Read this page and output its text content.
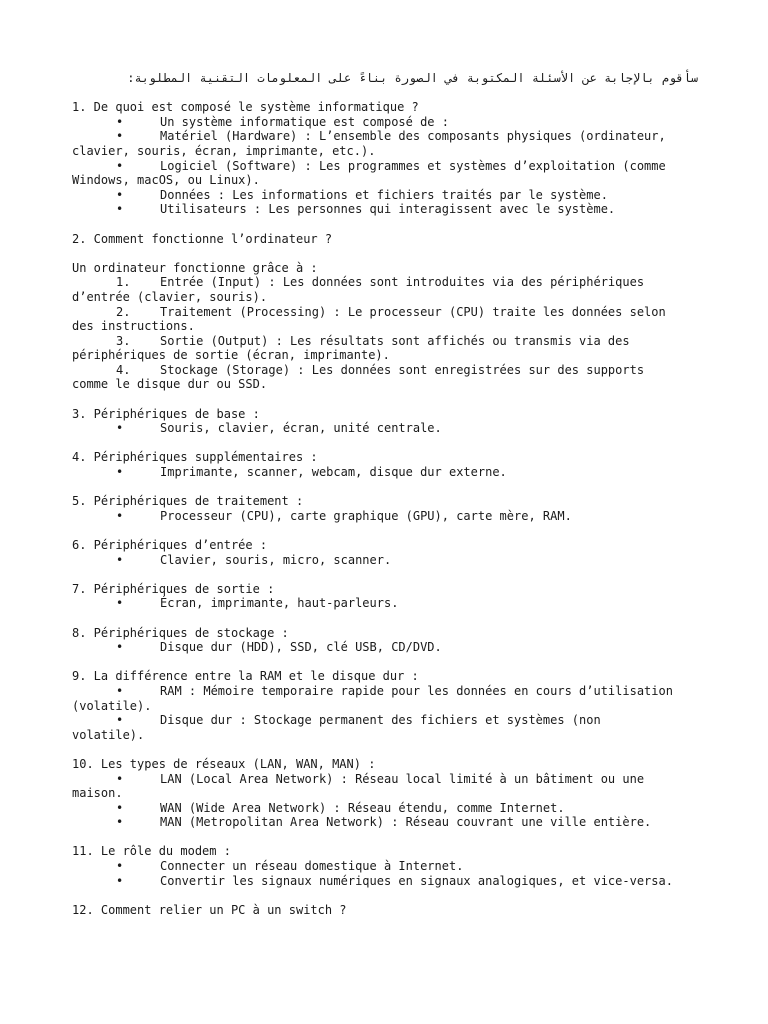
سأقوم بالإجابة عن الأسئلة المكتوبة في الصورة بناءً على المعلومات التقنية المطلوبة:
1. De quoi est composé le système informatique ?
•	Un système informatique est composé de :
•	Matériel (Hardware) : L’ensemble des composants physiques (ordinateur,
clavier, souris, écran, imprimante, etc.).
•	Logiciel (Software) : Les programmes et systèmes d’exploitation (comme
Windows, macOS, ou Linux).
•	Données : Les informations et fichiers traités par le système.
•	Utilisateurs : Les personnes qui interagissent avec le système.
2. Comment fonctionne l’ordinateur ?
Un ordinateur fonctionne grâce à :
1. Entrée (Input) : Les données sont introduites via des périphériques
d’entrée (clavier, souris).
2. Traitement (Processing) : Le processeur (CPU) traite les données selon
des instructions.
3. Sortie (Output) : Les résultats sont affichés ou transmis via des
périphériques de sortie (écran, imprimante).
4. Stockage (Storage) : Les données sont enregistrées sur des supports
comme le disque dur ou SSD.
3. Périphériques de base :
•	Souris, clavier, écran, unité centrale.
4. Périphériques supplémentaires :
•	Imprimante, scanner, webcam, disque dur externe.
5. Périphériques de traitement :
•	Processeur (CPU), carte graphique (GPU), carte mère, RAM.
6. Périphériques d’entrée :
•	Clavier, souris, micro, scanner.
7. Périphériques de sortie :
•	Écran, imprimante, haut-parleurs.
8. Périphériques de stockage :
•	Disque dur (HDD), SSD, clé USB, CD/DVD.
9. La différence entre la RAM et le disque dur :
•	RAM : Mémoire temporaire rapide pour les données en cours d’utilisation
(volatile).
•	Disque dur : Stockage permanent des fichiers et systèmes (non
volatile).
10. Les types de réseaux (LAN, WAN, MAN) :
•	LAN (Local Area Network) : Réseau local limité à un bâtiment ou une
maison.
•	WAN (Wide Area Network) : Réseau étendu, comme Internet.
•	MAN (Metropolitan Area Network) : Réseau couvrant une ville entière.
11. Le rôle du modem :
•	Connecter un réseau domestique à Internet.
•	Convertir les signaux numériques en signaux analogiques, et vice-versa.
12. Comment relier un PC à un switch ?
